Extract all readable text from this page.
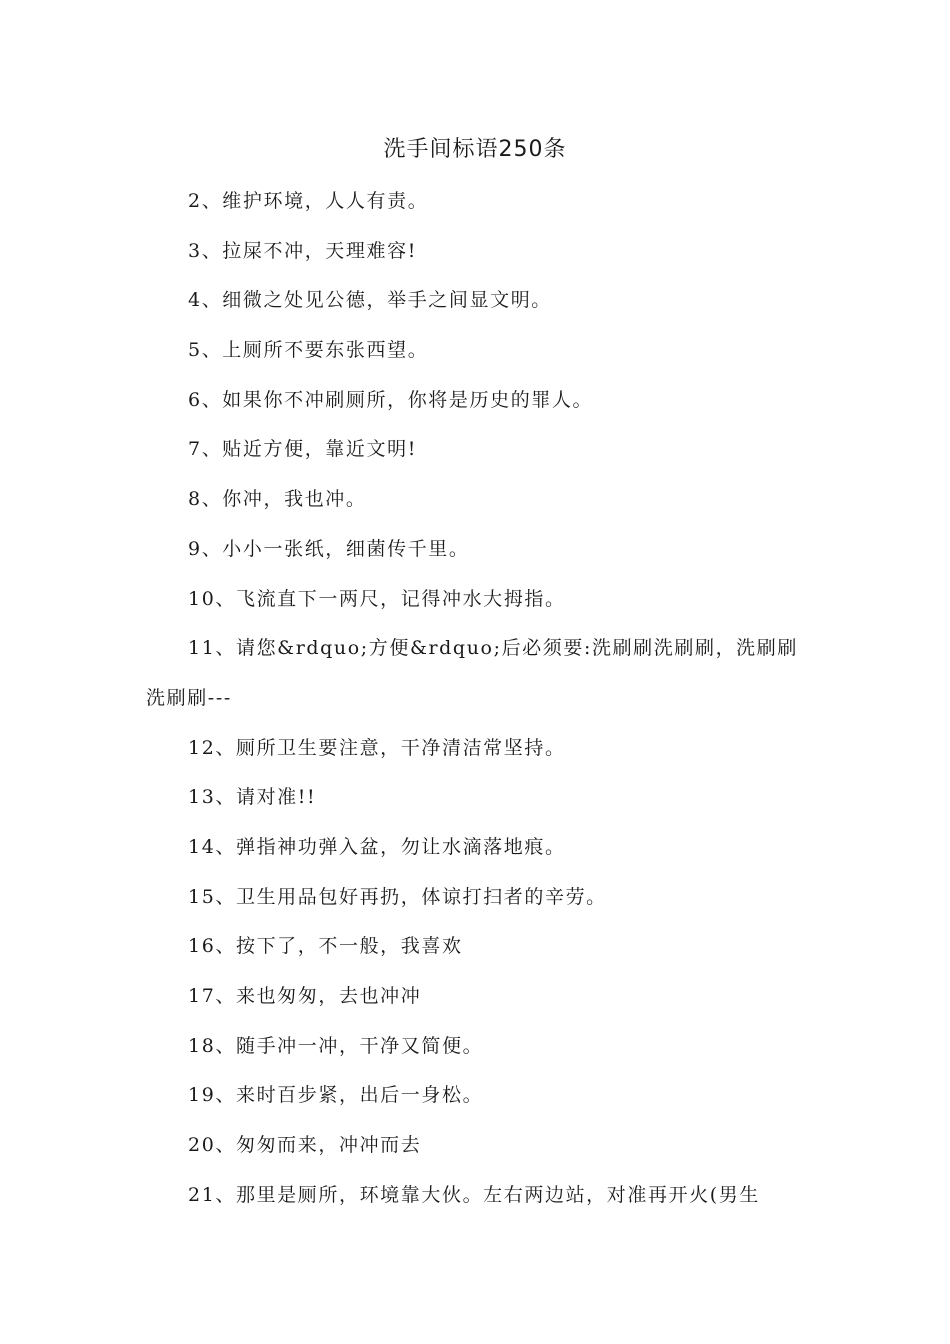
洗手间标语250条
2、维护环境，人人有责。
3、拉屎不冲，天理难容!
4、细微之处见公德，举手之间显文明。
5、上厕所不要东张西望。
6、如果你不冲刷厕所，你将是历史的罪人。
7、贴近方便，靠近文明!
8、你冲，我也冲。
9、小小一张纸，细菌传千里。
10、飞流直下一两尺，记得冲水大拇指。
11、请您&rdquo;方便&rdquo;后必须要:洗刷刷洗刷刷，洗刷刷
洗刷刷---
12、厕所卫生要注意，干净清洁常坚持。
13、请对准!!
14、弹指神功弹入盆，勿让水滴落地痕。
15、卫生用品包好再扔，体谅打扫者的辛劳。
16、按下了，不一般，我喜欢
17、来也匆匆，去也冲冲
18、随手冲一冲，干净又简便。
19、来时百步紧，出后一身松。
20、匆匆而来，冲冲而去
21、那里是厕所，环境靠大伙。左右两边站，对准再开火(男生
